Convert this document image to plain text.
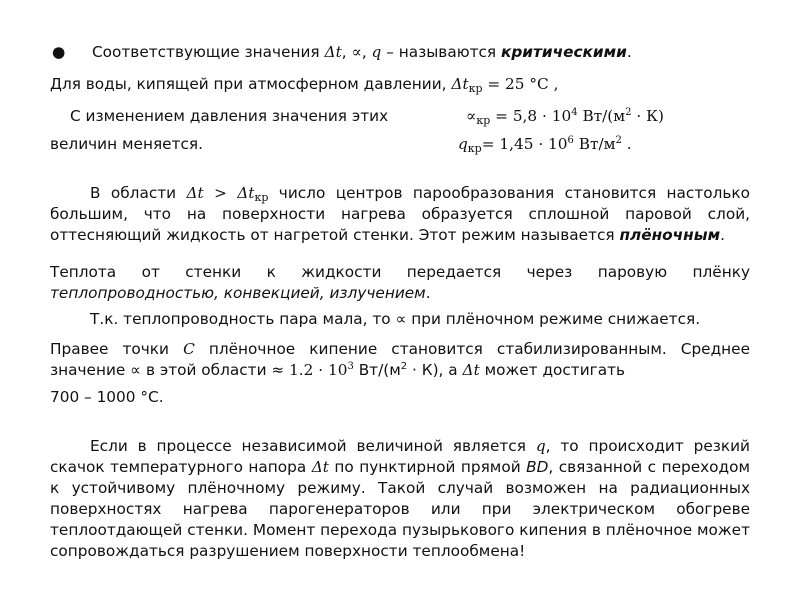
● Соответствующие значения Δt, ∝, q – называются критическими.
Для воды, кипящей при атмосферном давлении, $\Delta t_{кр} = 25$ °C ,
С изменением давления значения этих
величин меняется.
$\propto_{кр} = 5,8 \cdot 10^4$ $Вт/(м^2 \cdot К)$
$q_{кр}= 1,45 \cdot 10^6$ $Вт/м^2$ .
В области $\Delta t > \Delta t_{кр}$ число центров парообразования становится настолько большим, что на поверхности нагрева образуется сплошной паровой слой, оттесняющий жидкость от нагретой стенки. Этот режим называется плёночным.
Теплота от стенки к жидкости передается через паровую плёнку теплопроводностью, конвекцией, излучением.
Т.к. теплопроводность пара мала, то ∝ при плёночном режиме снижается.
Правее точки C плёночное кипение становится стабилизированным. Среднее значение ∝ в этой области ≈ $1.2 \cdot 10^3$ $Вт/(м^2 \cdot К)$, а Δt может достигать
700 – 1000 °C.
Если в процессе независимой величиной является q, то происходит резкий скачок температурного напора Δt по пунктирной прямой BD, связанной с переходом к устойчивому плёночному режиму. Такой случай возможен на радиационных поверхностях нагрева парогенераторов или при электрическом обогреве теплоотдающей стенки. Момент перехода пузырькового кипения в плёночное может сопровождаться разрушением поверхности теплообмена!
